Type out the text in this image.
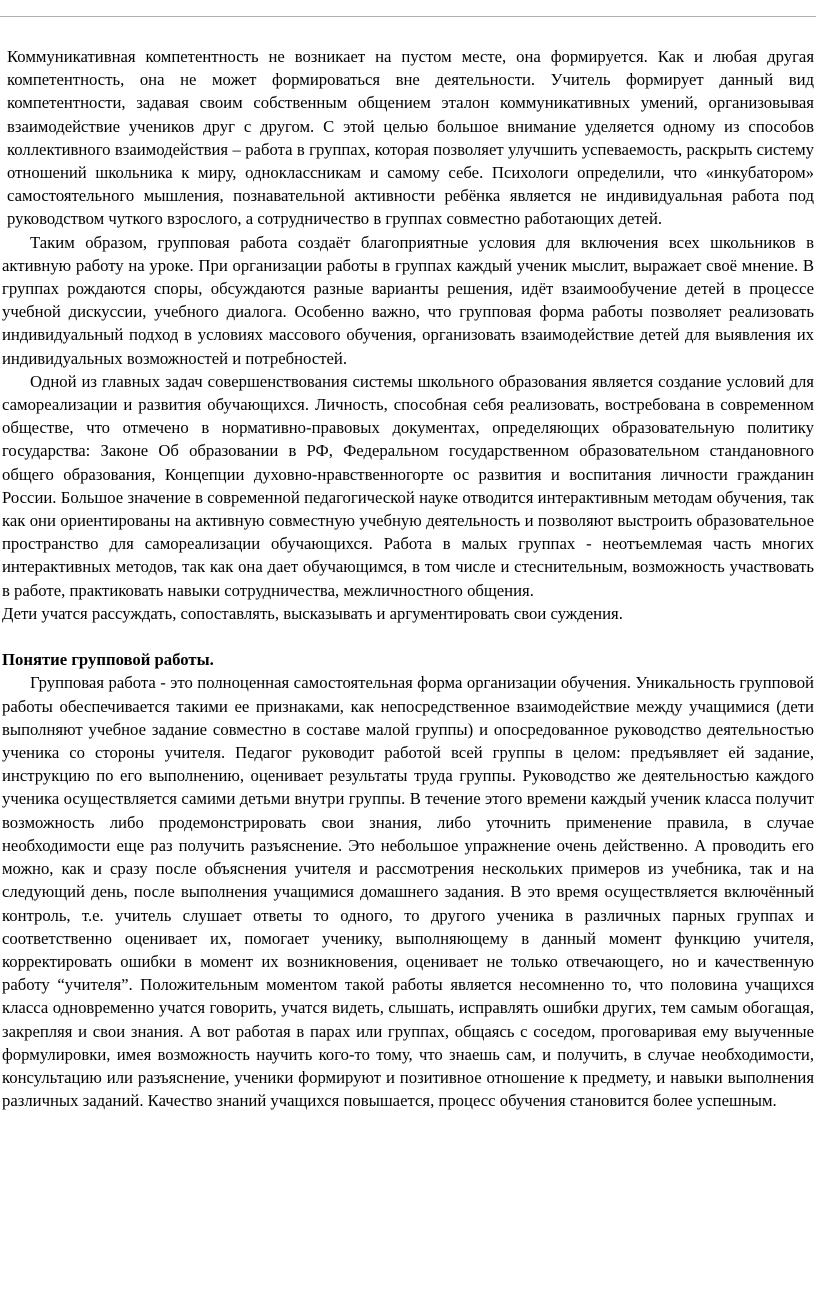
Коммуникативная компетентность не возникает на пустом месте, она формируется. Как и любая другая компетентность, она не может формироваться вне деятельности. Учитель формирует данный вид компетентности, задавая своим собственным общением эталон коммуникативных умений, организовывая взаимодействие учеников друг с другом. С этой целью большое внимание уделяется одному из способов коллективного взаимодействия – работа в группах, которая позволяет улучшить успеваемость, раскрыть систему отношений школьника к миру, одноклассникам и самому себе. Психологи определили, что «инкубатором» самостоятельного мышления, познавательной активности ребёнка является не индивидуальная работа под руководством чуткого взрослого, а сотрудничество в группах совместно работающих детей.

Таким образом, групповая работа создаёт благоприятные условия для включения всех школьников в активную работу на уроке. При организации работы в группах каждый ученик мыслит, выражает своё мнение. В группах рождаются споры, обсуждаются разные варианты решения, идёт взаимообучение детей в процессе учебной дискуссии, учебного диалога. Особенно важно, что групповая форма работы позволяет реализовать индивидуальный подход в условиях массового обучения, организовать взаимодействие детей для выявления их индивидуальных возможностей и потребностей.

Одной из главных задач совершенствования системы школьного образования является создание условий для самореализации и развития обучающихся. Личность, способная себя реализовать, востребована в современном обществе, что отмечено в нормативно-правовых документах, определяющих образовательную политику государства: Законе Об образовании в РФ, Федеральном государственном образовательном стандановного общего образования, Концепции духовно-нравственногорте ос развития и воспитания личности гражданин России. Большое значение в современной педагогической науке отводится интерактивным методам обучения, так как они ориентированы на активную совместную учебную деятельность и позволяют выстроить образовательное пространство для самореализации обучающихся. Работа в малых группах - неотъемлемая часть многих интерактивных методов, так как она дает обучающимся, в том числе и стеснительным, возможность участвовать в работе, практиковать навыки сотрудничества, межличностного общения.

Дети учатся рассуждать, сопоставлять, высказывать и аргументировать свои суждения.

Понятие групповой работы.

Групповая работа - это полноценная самостоятельная форма организации обучения. Уникальность групповой работы обеспечивается такими ее признаками, как непосредственное взаимодействие между учащимися (дети выполняют учебное задание совместно в составе малой группы) и опосредованное руководство деятельностью ученика со стороны учителя. Педагог руководит работой всей группы в целом: предъявляет ей задание, инструкцию по его выполнению, оценивает результаты труда группы. Руководство же деятельностью каждого ученика осуществляется самими детьми внутри группы. В течение этого времени каждый ученик класса получит возможность либо продемонстрировать свои знания, либо уточнить применение правила, в случае необходимости еще раз получить разъяснение. Это небольшое упражнение очень действенно. А проводить его можно, как и сразу после объяснения учителя и рассмотрения нескольких примеров из учебника, так и на следующий день, после выполнения учащимися домашнего задания. В это время осуществляется включённый контроль, т.е. учитель слушает ответы то одного, то другого ученика в различных парных группах и соответственно оценивает их, помогает ученику, выполняющему в данный момент функцию учителя, корректировать ошибки в момент их возникновения, оценивает не только отвечающего, но и качественную работу “учителя”. Положительным моментом такой работы является несомненно то, что половина учащихся класса одновременно учатся говорить, учатся видеть, слышать, исправлять ошибки других, тем самым обогащая, закрепляя и свои знания. А вот работая в парах или группах, общаясь с соседом, проговаривая ему выученные формулировки, имея возможность научить кого-то тому, что знаешь сам, и получить, в случае необходимости, консультацию или разъяснение, ученики формируют и позитивное отношение к предмету, и навыки выполнения различных заданий. Качество знаний учащихся повышается, процесс обучения становится более успешным.
